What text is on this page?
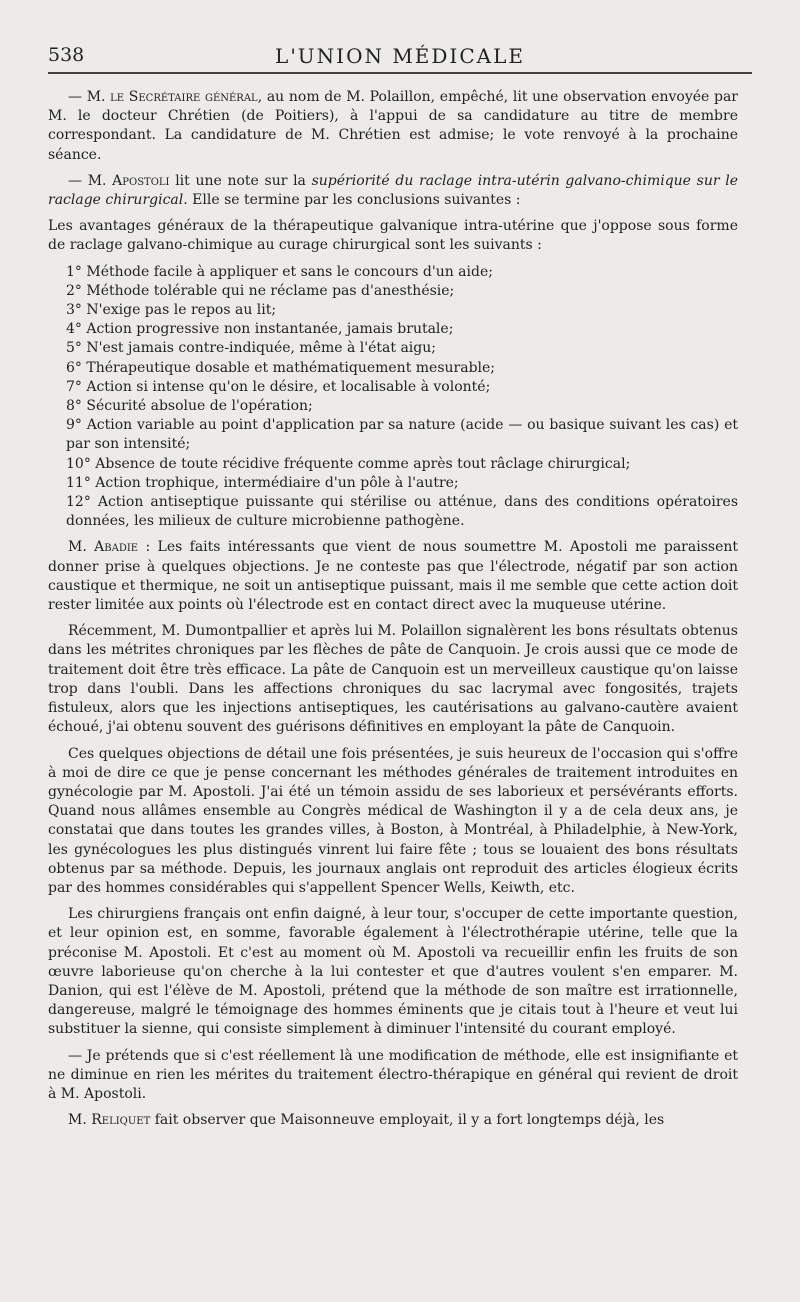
538	L'UNION MÉDICALE

— M. le Secrétaire général, au nom de M. Polaillon, empêché, lit une observation envoyée par M. le docteur Chrétien (de Poitiers), à l'appui de sa candidature au titre de membre correspondant. La candidature de M. Chrétien est admise; le vote renvoyé à la prochaine séance.

— M. Apostoli lit une note sur la supériorité du raclage intra-utérin galvano-chimique sur le raclage chirurgical. Elle se termine par les conclusions suivantes :

Les avantages généraux de la thérapeutique galvanique intra-utérine que j'oppose sous forme de raclage galvano-chimique au curage chirurgical sont les suivants :

1° Méthode facile à appliquer et sans le concours d'un aide;

2° Méthode tolérable qui ne réclame pas d'anesthésie;

3° N'exige pas le repos au lit;

4° Action progressive non instantanée, jamais brutale;

5° N'est jamais contre-indiquée, même à l'état aigu;

6° Thérapeutique dosable et mathématiquement mesurable;

7° Action si intense qu'on le désire, et localisable à volonté;

8° Sécurité absolue de l'opération;

9° Action variable au point d'application par sa nature (acide — ou basique suivant les cas) et par son intensité;

10° Absence de toute récidive fréquente comme après tout râclage chirurgical;

11° Action trophique, intermédiaire d'un pôle à l'autre;

12° Action antiseptique puissante qui stérilise ou atténue, dans des conditions opératoires données, les milieux de culture microbienne pathogène.

M. Abadie : Les faits intéressants que vient de nous soumettre M. Apostoli me paraissent donner prise à quelques objections. Je ne conteste pas que l'électrode, négatif par son action caustique et thermique, ne soit un antiseptique puissant, mais il me semble que cette action doit rester limitée aux points où l'électrode est en contact direct avec la muqueuse utérine.

Récemment, M. Dumontpallier et après lui M. Polaillon signalèrent les bons résultats obtenus dans les métrites chroniques par les flèches de pâte de Canquoin. Je crois aussi que ce mode de traitement doit être très efficace. La pâte de Canquoin est un merveilleux caustique qu'on laisse trop dans l'oubli. Dans les affections chroniques du sac lacrymal avec fongosités, trajets fistuleux, alors que les injections antiseptiques, les cautérisations au galvano-cautère avaient échoué, j'ai obtenu souvent des guérisons définitives en employant la pâte de Canquoin.

Ces quelques objections de détail une fois présentées, je suis heureux de l'occasion qui s'offre à moi de dire ce que je pense concernant les méthodes générales de traitement introduites en gynécologie par M. Apostoli. J'ai été un témoin assidu de ses laborieux et persévérants efforts. Quand nous allâmes ensemble au Congrès médical de Washington il y a de cela deux ans, je constatai que dans toutes les grandes villes, à Boston, à Montréal, à Philadelphie, à New-York, les gynécologues les plus distingués vinrent lui faire fête ; tous se louaient des bons résultats obtenus par sa méthode. Depuis, les journaux anglais ont reproduit des articles élogieux écrits par des hommes considérables qui s'appellent Spencer Wells, Keiwth, etc.

Les chirurgiens français ont enfin daigné, à leur tour, s'occuper de cette importante question, et leur opinion est, en somme, favorable également à l'électrothérapie utérine, telle que la préconise M. Apostoli. Et c'est au moment où M. Apostoli va recueillir enfin les fruits de son œuvre laborieuse qu'on cherche à la lui contester et que d'autres voulent s'en emparer. M. Danion, qui est l'élève de M. Apostoli, prétend que la méthode de son maître est irrationnelle, dangereuse, malgré le témoignage des hommes éminents que je citais tout à l'heure et veut lui substituer la sienne, qui consiste simplement à diminuer l'intensité du courant employé.

— Je prétends que si c'est réellement là une modification de méthode, elle est insignifiante et ne diminue en rien les mérites du traitement électro-thérapique en général qui revient de droit à M. Apostoli.

M. Reliquet fait observer que Maisonneuve employait, il y a fort longtemps déjà, les
